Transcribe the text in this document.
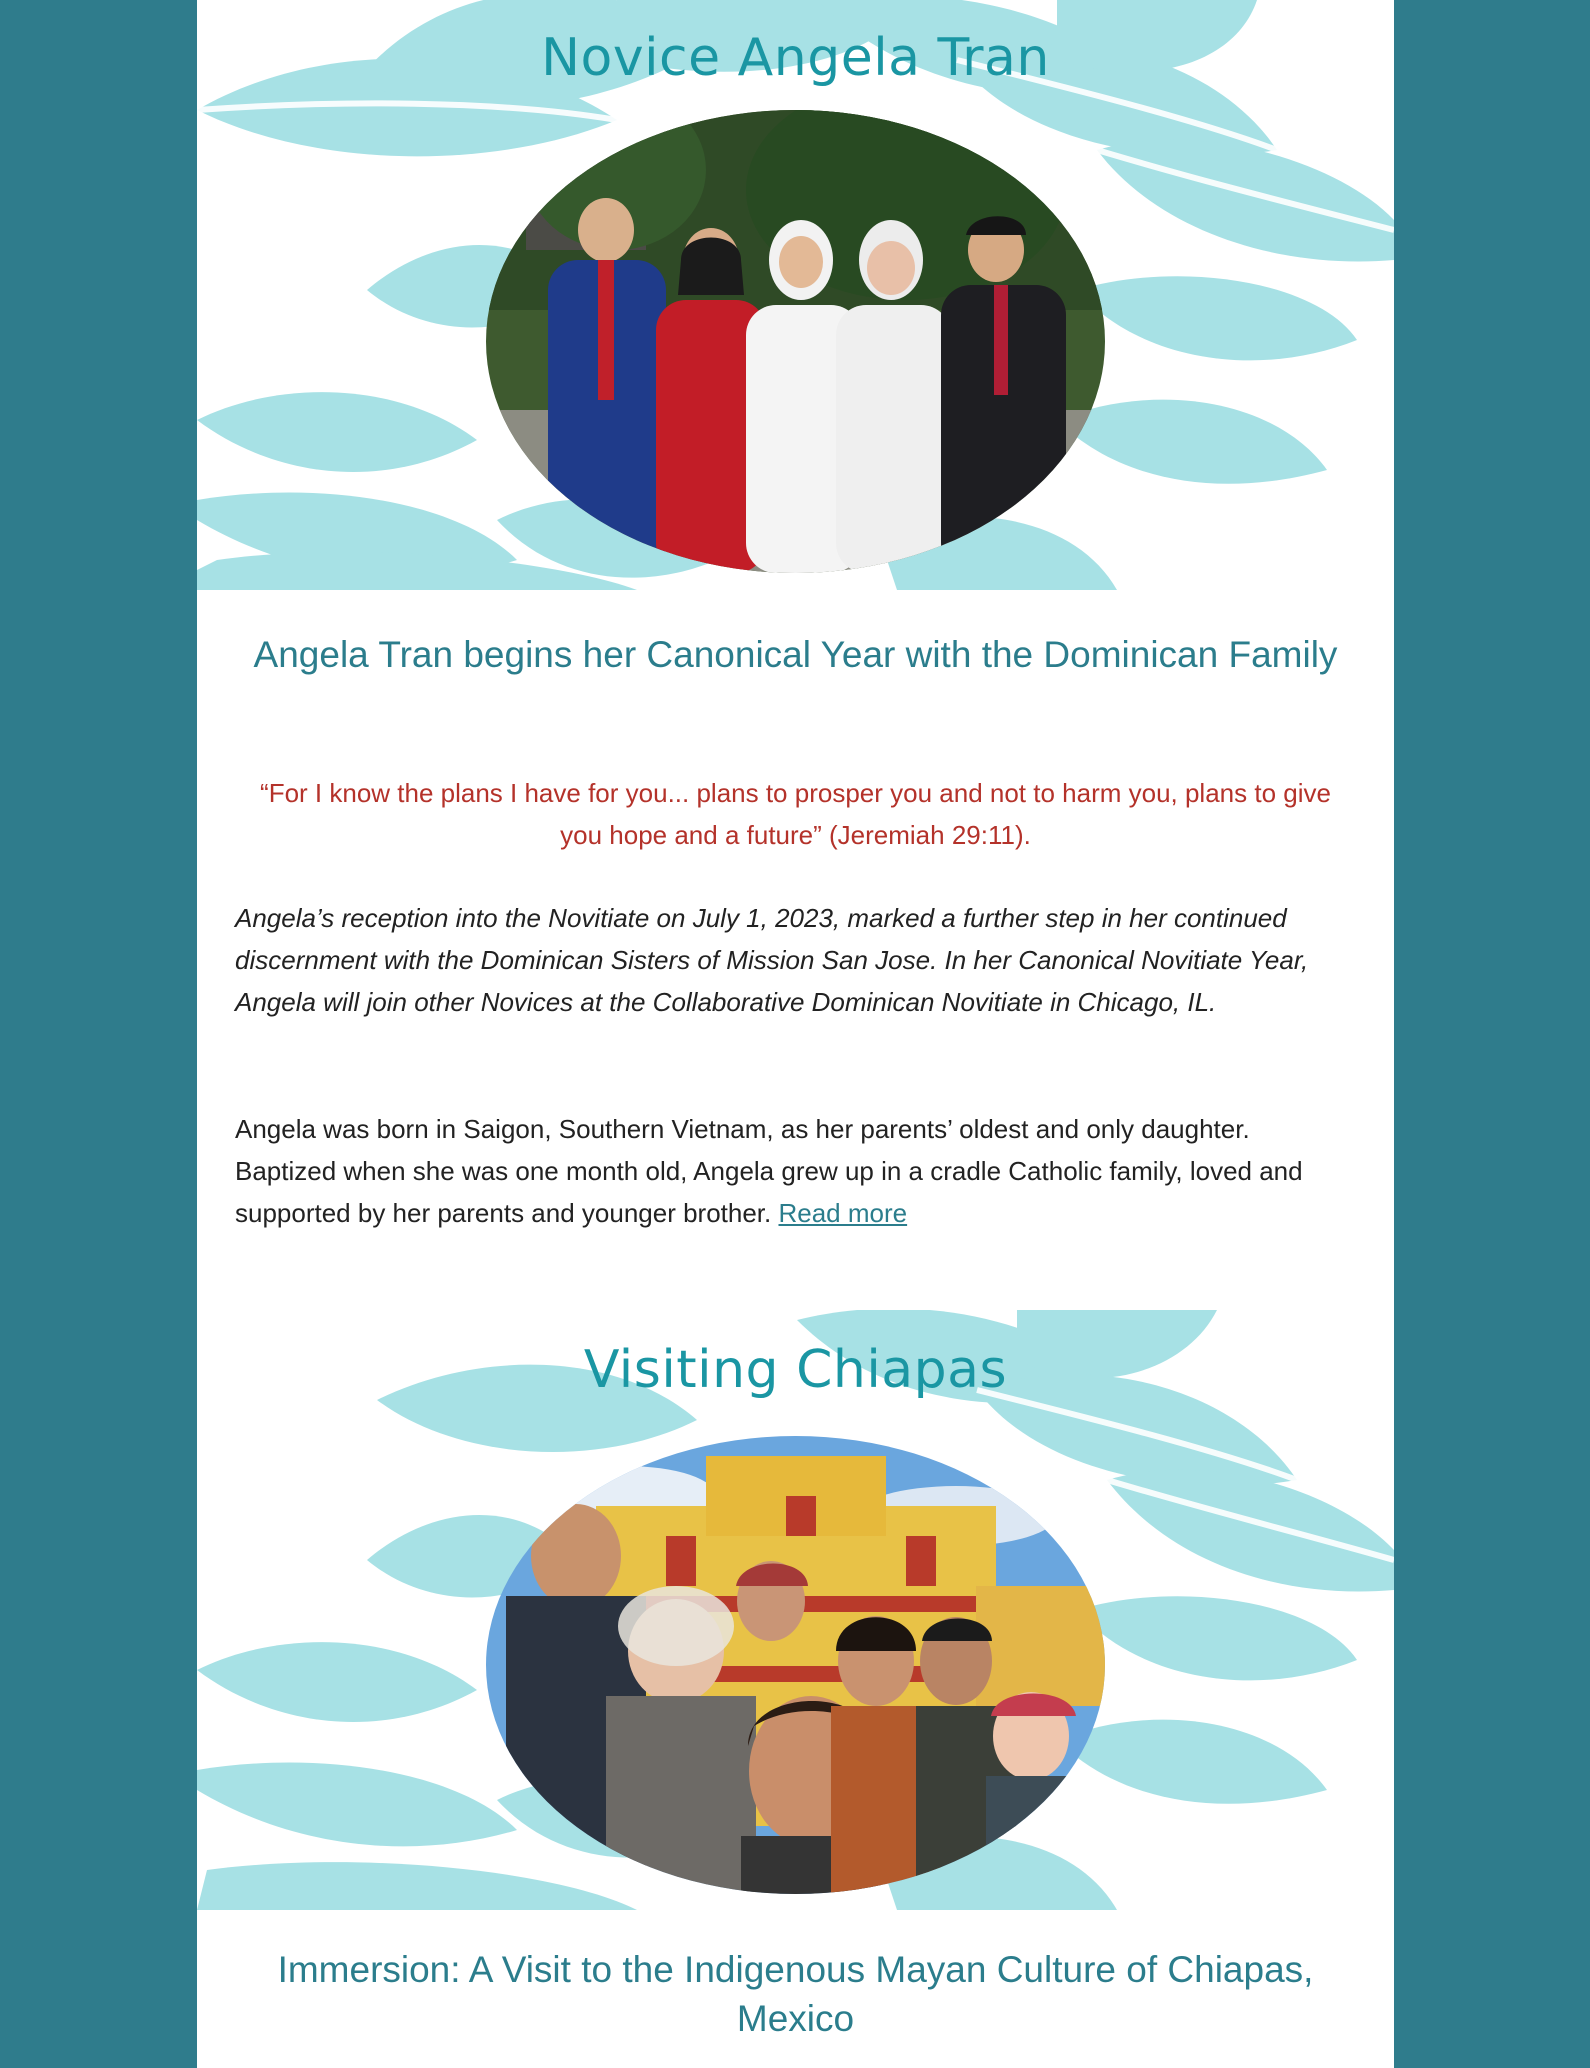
Novice Angela Tran
Angela Tran begins her Canonical Year with the Dominican Family

“For I know the plans I have for you... plans to prosper you and not to harm you, plans to give you hope and a future” (Jeremiah 29:11).

Angela’s reception into the Novitiate on July 1, 2023, marked a further step in her continued discernment with the Dominican Sisters of Mission San Jose. In her Canonical Novitiate Year, Angela will join other Novices at the Collaborative Dominican Novitiate in Chicago, IL.

Angela was born in Saigon, Southern Vietnam, as her parents’ oldest and only daughter. Baptized when she was one month old, Angela grew up in a cradle Catholic family, loved and supported by her parents and younger brother. Read more

Visiting Chiapas
Immersion: A Visit to the Indigenous Mayan Culture of Chiapas, Mexico
